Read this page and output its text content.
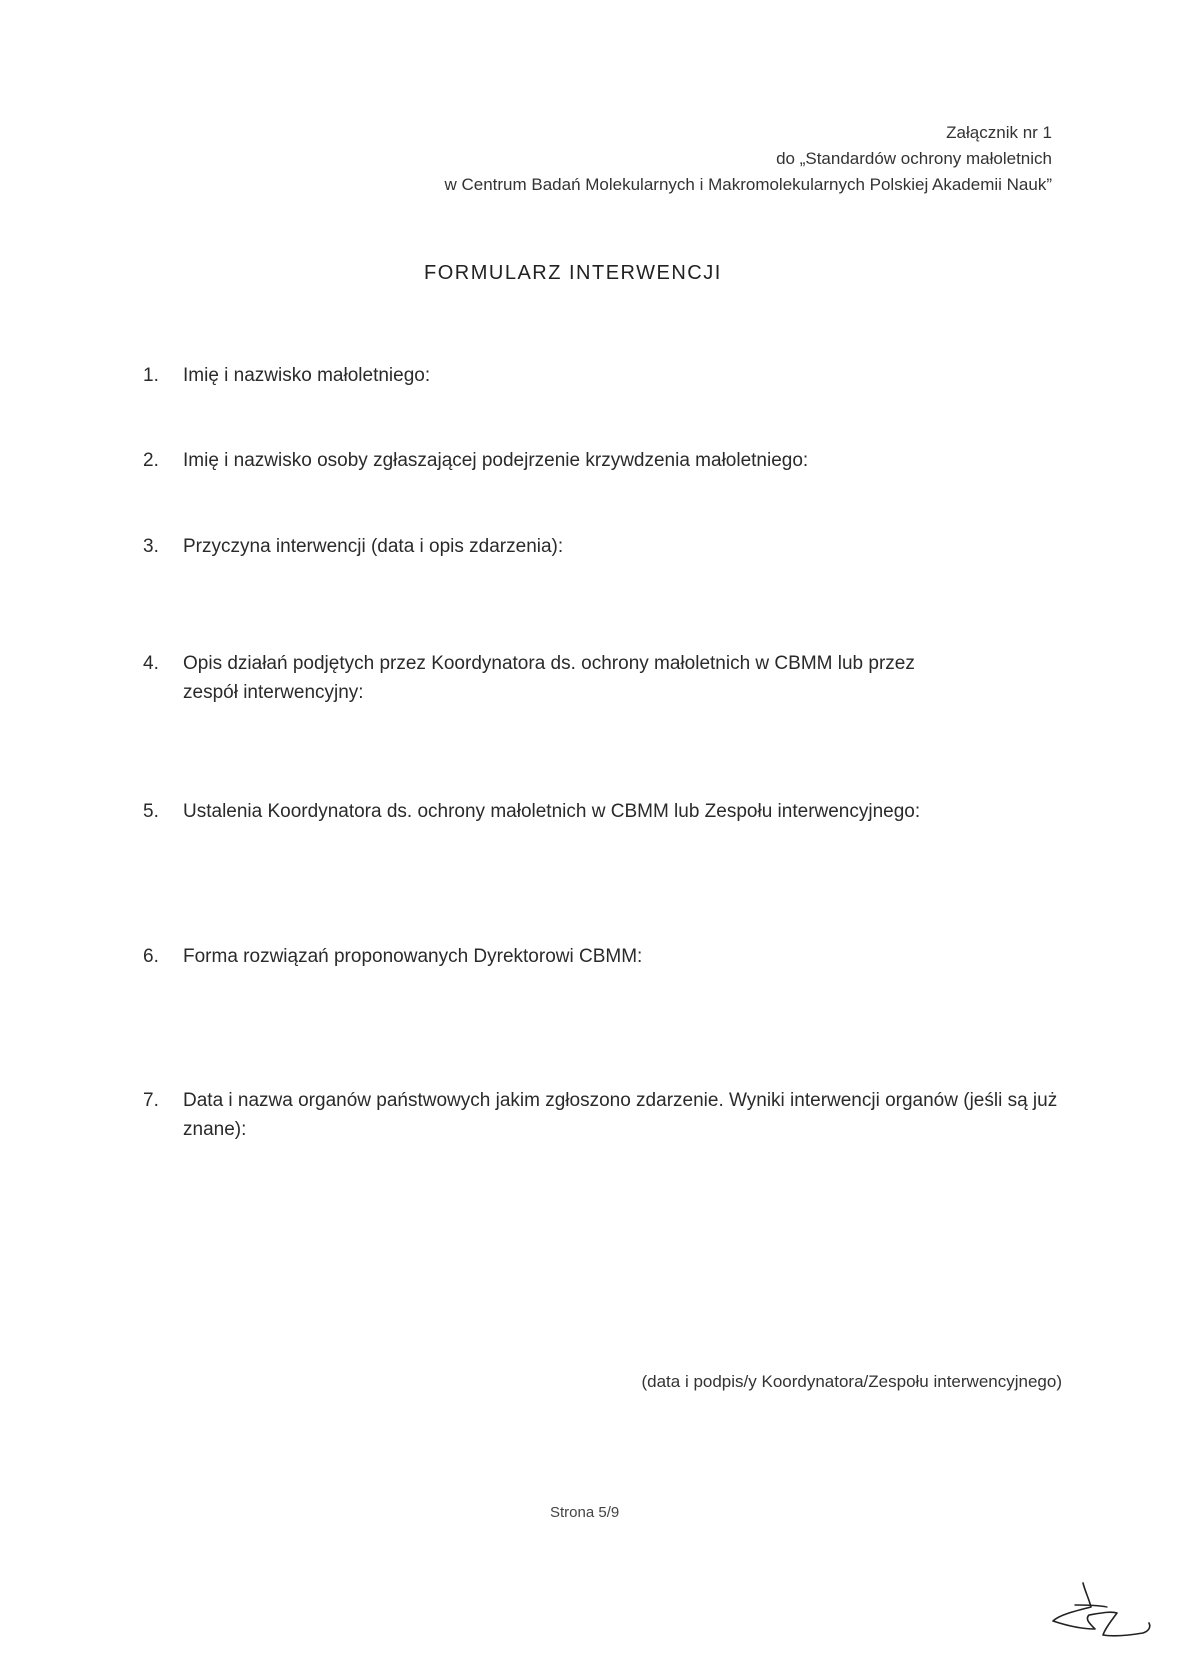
Załącznik nr 1
do „Standardów ochrony małoletnich
w Centrum Badań Molekularnych i Makromolekularnych Polskiej Akademii Nauk”
FORMULARZ INTERWENCJI
1. Imię i nazwisko małoletniego:
2. Imię i nazwisko osoby zgłaszającej podejrzenie krzywdzenia małoletniego:
3. Przyczyna interwencji (data i opis zdarzenia):
4. Opis działań podjętych przez Koordynatora ds. ochrony małoletnich w CBMM lub przez zespół interwencyjny:
5. Ustalenia Koordynatora ds. ochrony małoletnich w CBMM lub Zespołu interwencyjnego:
6. Forma rozwiązań proponowanych Dyrektorowi CBMM:
7. Data i nazwa organów państwowych jakim zgłoszono zdarzenie. Wyniki interwencji organów (jeśli są już znane):
(data i podpis/y Koordynatora/Zespołu interwencyjnego)
Strona 5/9
